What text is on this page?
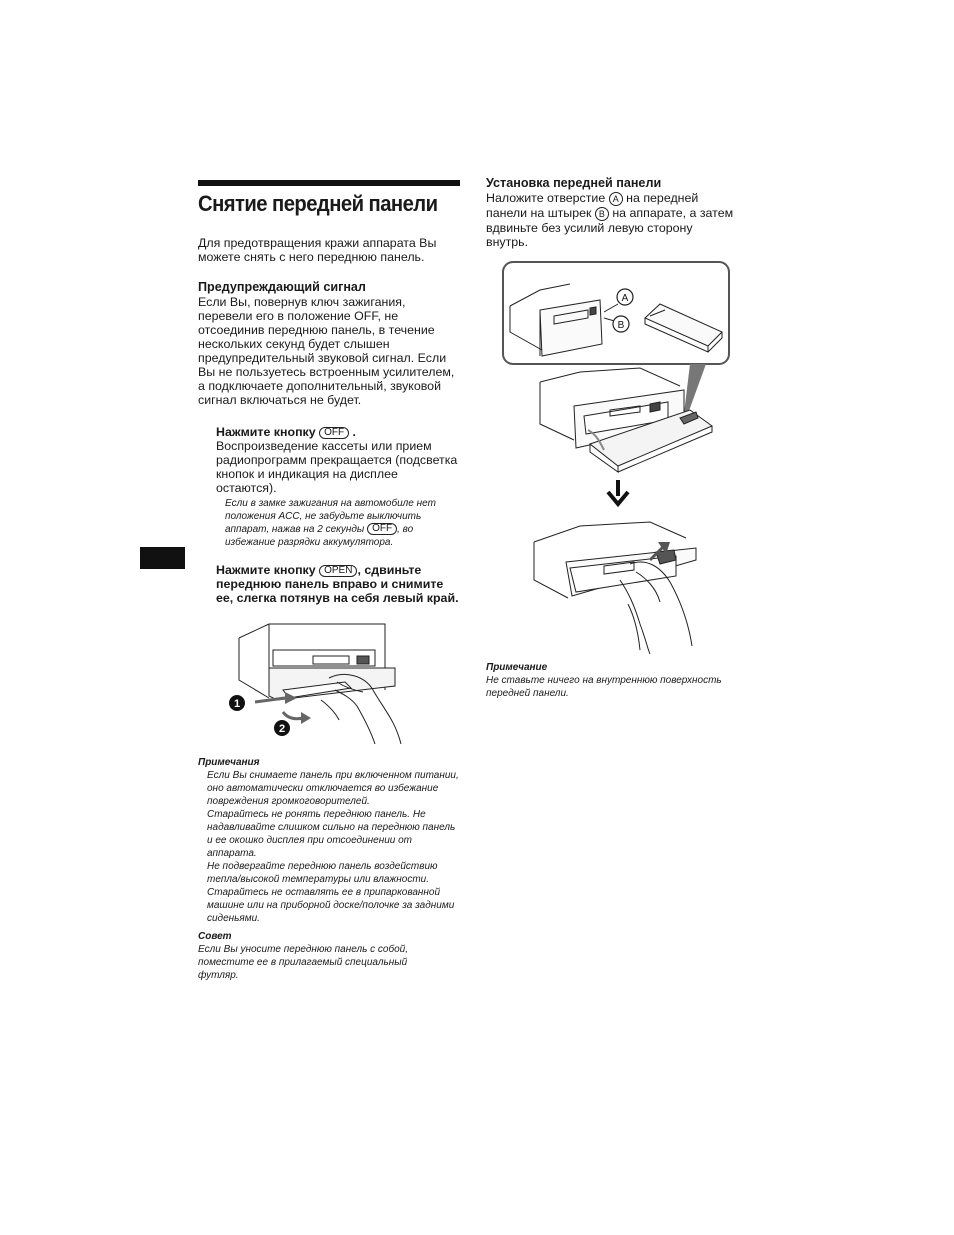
Снятие передней панели

Для предотвращения кражи аппарата Вы можете снять с него переднюю панель.

Предупреждающий сигнал

Если Вы, повернув ключ зажигания, перевели его в положение OFF, не отсоединив переднюю панель, в течение нескольких секунд будет слышен предупредительный звуковой сигнал. Если Вы не пользуетесь встроенным усилителем, а подключаете дополнительный, звуковой сигнал включаться не будет.

Нажмите кнопку OFF .

Воспроизведение кассеты или прием радиопрограмм прекращается (подсветка кнопок и индикация на дисплее остаются).

Если в замке зажигания на автомобиле нет положения ACC, не забудьте выключить аппарат, нажав на 2 секунды OFF , во избежание разрядки аккумулятора.

Нажмите кнопку OPEN , сдвиньте переднюю панель вправо и снимите ее, слегка потянув на себя левый край.

1
2
Примечания

Если Вы снимаете панель при включенном питании, оно автоматически отключается во избежание повреждения громкоговорителей.

Старайтесь не ронять переднюю панель. Не надавливайте слишком сильно на переднюю панель и ее окошко дисплея при отсоединении от аппарата.

Не подвергайте переднюю панель воздействию тепла/высокой температуры или влажности. Старайтесь не оставлять ее в припаркованной машине или на приборной доске/полочке за задними сиденьями.

Совет

Если Вы уносите переднюю панель с собой, поместите ее в прилагаемый специальный футляр.

Установка передней панели

Наложите отверстие A на передней панели на штырек B на аппарате, а затем вдвиньте без усилий левую сторону внутрь.

A
B
Примечание

Не ставьте ничего на внутреннюю поверхность передней панели.
